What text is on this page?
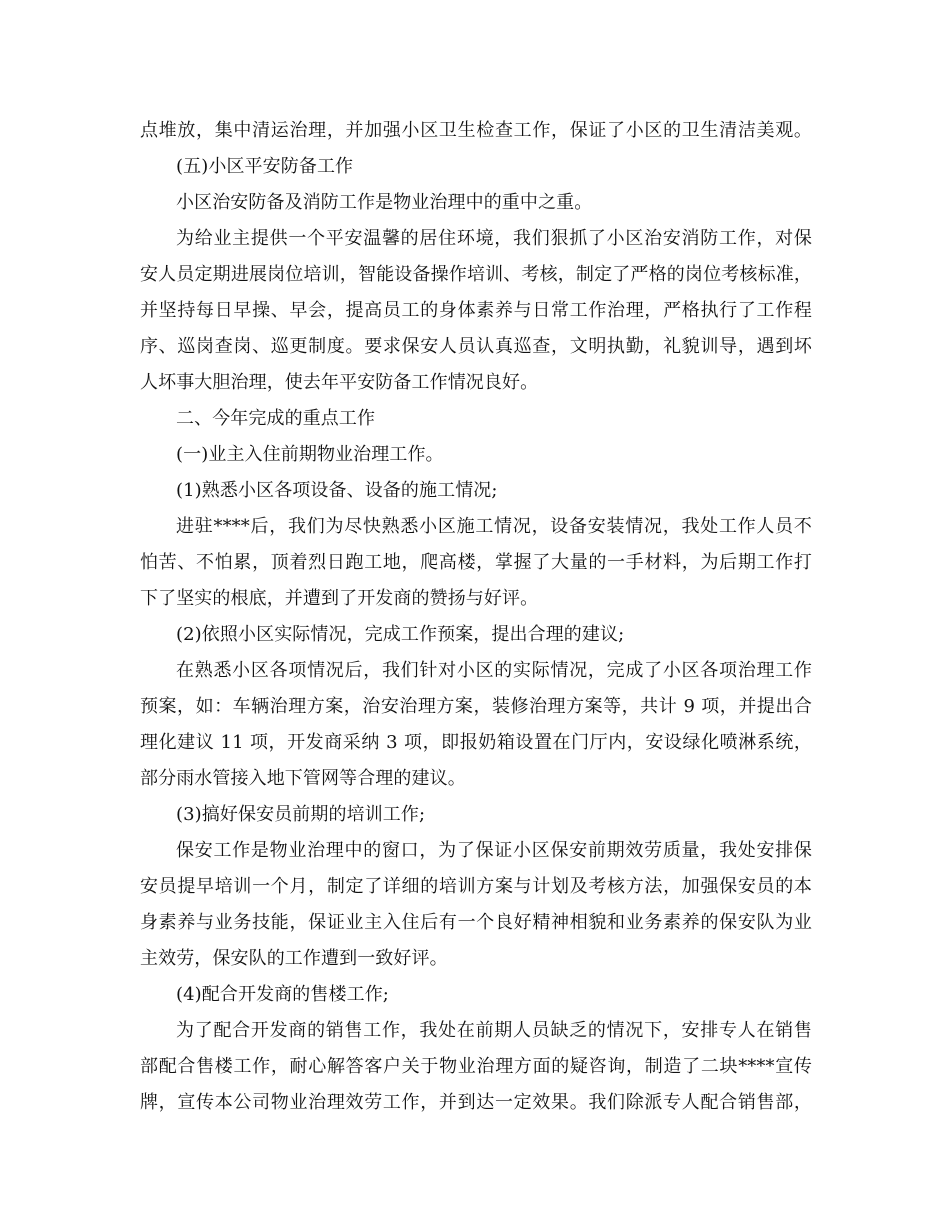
点堆放，集中清运治理，并加强小区卫生检查工作，保证了小区的卫生清洁美观。
(五)小区平安防备工作
小区治安防备及消防工作是物业治理中的重中之重。
为给业主提供一个平安温馨的居住环境，我们狠抓了小区治安消防工作，对保
安人员定期进展岗位培训，智能设备操作培训、考核，制定了严格的岗位考核标准，
并坚持每日早操、早会，提高员工的身体素养与日常工作治理，严格执行了工作程
序、巡岗查岗、巡更制度。要求保安人员认真巡查，文明执勤，礼貌训导，遇到坏
人坏事大胆治理，使去年平安防备工作情况良好。
二、今年完成的重点工作
(一)业主入住前期物业治理工作。
(1)熟悉小区各项设备、设备的施工情况;
进驻****后，我们为尽快熟悉小区施工情况，设备安装情况，我处工作人员不
怕苦、不怕累，顶着烈日跑工地，爬高楼，掌握了大量的一手材料，为后期工作打
下了坚实的根底，并遭到了开发商的赞扬与好评。
(2)依照小区实际情况，完成工作预案，提出合理的建议;
在熟悉小区各项情况后，我们针对小区的实际情况，完成了小区各项治理工作
预案，如：车辆治理方案，治安治理方案，装修治理方案等，共计 9 项，并提出合
理化建议 11 项，开发商采纳 3 项，即报奶箱设置在门厅内，安设绿化喷淋系统，
部分雨水管接入地下管网等合理的建议。
(3)搞好保安员前期的培训工作;
保安工作是物业治理中的窗口，为了保证小区保安前期效劳质量，我处安排保
安员提早培训一个月，制定了详细的培训方案与计划及考核方法，加强保安员的本
身素养与业务技能，保证业主入住后有一个良好精神相貌和业务素养的保安队为业
主效劳，保安队的工作遭到一致好评。
(4)配合开发商的售楼工作;
为了配合开发商的销售工作，我处在前期人员缺乏的情况下，安排专人在销售
部配合售楼工作，耐心解答客户关于物业治理方面的疑咨询，制造了二块****宣传
牌，宣传本公司物业治理效劳工作，并到达一定效果。我们除派专人配合销售部，
